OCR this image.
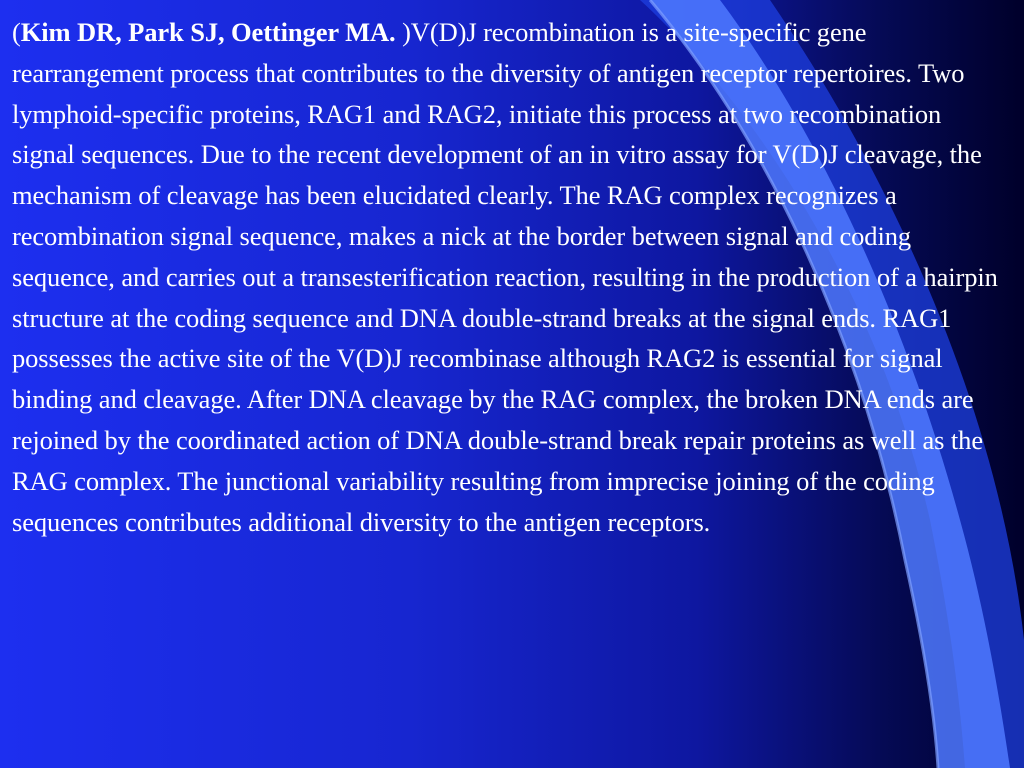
(Kim DR, Park SJ, Oettinger MA. )V(D)J recombination is a site-specific gene rearrangement process that contributes to the diversity of antigen receptor repertoires. Two lymphoid-specific proteins, RAG1 and RAG2, initiate this process at two recombination signal sequences. Due to the recent development of an in vitro assay for V(D)J cleavage, the mechanism of cleavage has been elucidated clearly. The RAG complex recognizes a recombination signal sequence, makes a nick at the border between signal and coding sequence, and carries out a transesterification reaction, resulting in the production of a hairpin structure at the coding sequence and DNA double-strand breaks at the signal ends. RAG1 possesses the active site of the V(D)J recombinase although RAG2 is essential for signal binding and cleavage. After DNA cleavage by the RAG complex, the broken DNA ends are rejoined by the coordinated action of DNA double-strand break repair proteins as well as the RAG complex. The junctional variability resulting from imprecise joining of the coding sequences contributes additional diversity to the antigen receptors.
